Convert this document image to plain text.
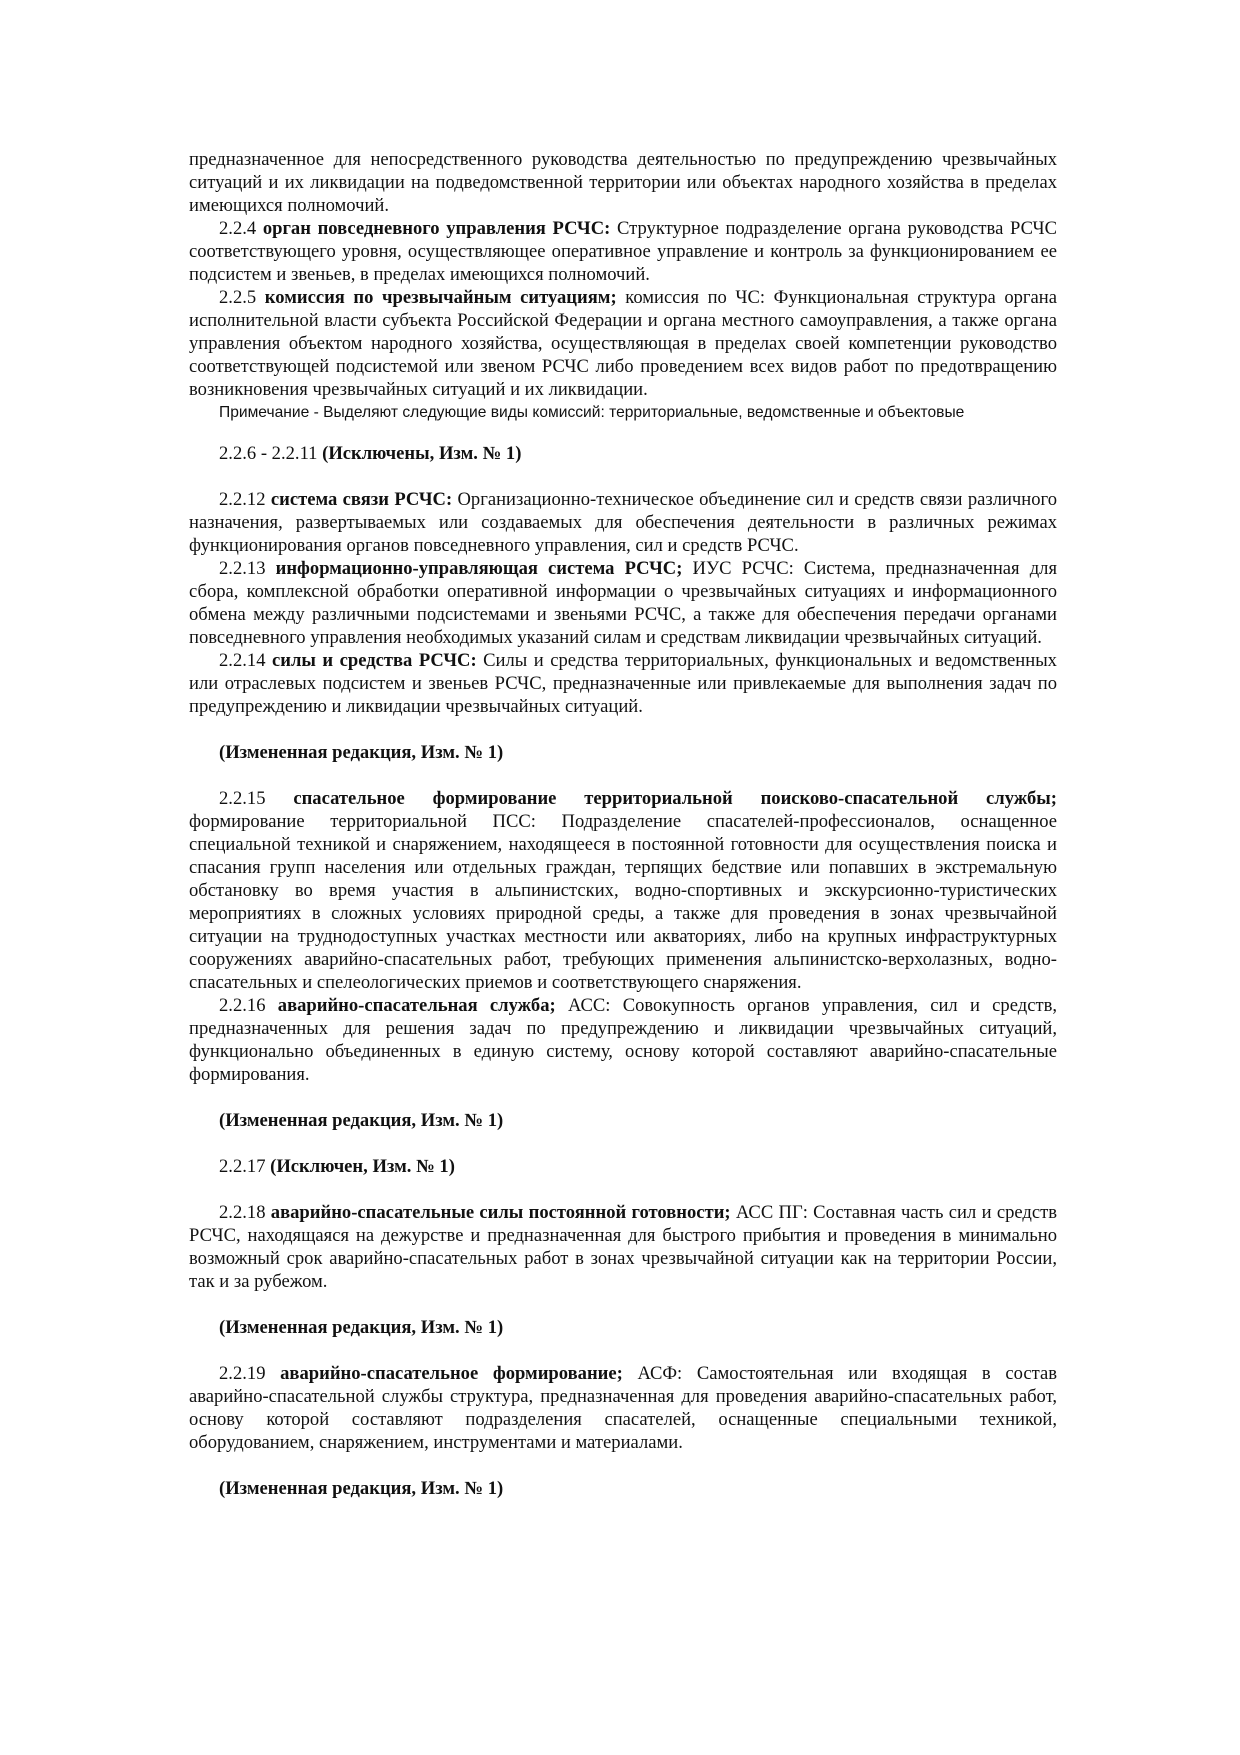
предназначенное для непосредственного руководства деятельностью по предупреждению чрезвычайных ситуаций и их ликвидации на подведомственной территории или объектах народного хозяйства в пределах имеющихся полномочий.

2.2.4 орган повседневного управления РСЧС: Структурное подразделение органа руководства РСЧС соответствующего уровня, осуществляющее оперативное управление и контроль за функционированием ее подсистем и звеньев, в пределах имеющихся полномочий.

2.2.5 комиссия по чрезвычайным ситуациям; комиссия по ЧС: Функциональная структура органа исполнительной власти субъекта Российской Федерации и органа местного самоуправления, а также органа управления объектом народного хозяйства, осуществляющая в пределах своей компетенции руководство соответствующей подсистемой или звеном РСЧС либо проведением всех видов работ по предотвращению возникновения чрезвычайных ситуаций и их ликвидации.

Примечание - Выделяют следующие виды комиссий: территориальные, ведомственные и объектовые

2.2.6 - 2.2.11 (Исключены, Изм. № 1)

2.2.12 система связи РСЧС: Организационно-техническое объединение сил и средств связи различного назначения, развертываемых или создаваемых для обеспечения деятельности в различных режимах функционирования органов повседневного управления, сил и средств РСЧС.

2.2.13 информационно-управляющая система РСЧС; ИУС РСЧС: Система, предназначенная для сбора, комплексной обработки оперативной информации о чрезвычайных ситуациях и информационного обмена между различными подсистемами и звеньями РСЧС, а также для обеспечения передачи органами повседневного управления необходимых указаний силам и средствам ликвидации чрезвычайных ситуаций.

2.2.14 силы и средства РСЧС: Силы и средства территориальных, функциональных и ведомственных или отраслевых подсистем и звеньев РСЧС, предназначенные или привлекаемые для выполнения задач по предупреждению и ликвидации чрезвычайных ситуаций.

(Измененная редакция, Изм. № 1)

2.2.15 спасательное формирование территориальной поисково-спасательной службы; формирование территориальной ПСС: Подразделение спасателей-профессионалов, оснащенное специальной техникой и снаряжением, находящееся в постоянной готовности для осуществления поиска и спасания групп населения или отдельных граждан, терпящих бедствие или попавших в экстремальную обстановку во время участия в альпинистских, водно-спортивных и экскурсионно-туристических мероприятиях в сложных условиях природной среды, а также для проведения в зонах чрезвычайной ситуации на труднодоступных участках местности или акваториях, либо на крупных инфраструктурных сооружениях аварийно-спасательных работ, требующих применения альпинистско-верхолазных, водно-спасательных и спелеологических приемов и соответствующего снаряжения.

2.2.16 аварийно-спасательная служба; АСС: Совокупность органов управления, сил и средств, предназначенных для решения задач по предупреждению и ликвидации чрезвычайных ситуаций, функционально объединенных в единую систему, основу которой составляют аварийно-спасательные формирования.

(Измененная редакция, Изм. № 1)

2.2.17 (Исключен, Изм. № 1)

2.2.18 аварийно-спасательные силы постоянной готовности; АСС ПГ: Составная часть сил и средств РСЧС, находящаяся на дежурстве и предназначенная для быстрого прибытия и проведения в минимально возможный срок аварийно-спасательных работ в зонах чрезвычайной ситуации как на территории России, так и за рубежом.

(Измененная редакция, Изм. № 1)

2.2.19 аварийно-спасательное формирование; АСФ: Самостоятельная или входящая в состав аварийно-спасательной службы структура, предназначенная для проведения аварийно-спасательных работ, основу которой составляют подразделения спасателей, оснащенные специальными техникой, оборудованием, снаряжением, инструментами и материалами.

(Измененная редакция, Изм. № 1)
